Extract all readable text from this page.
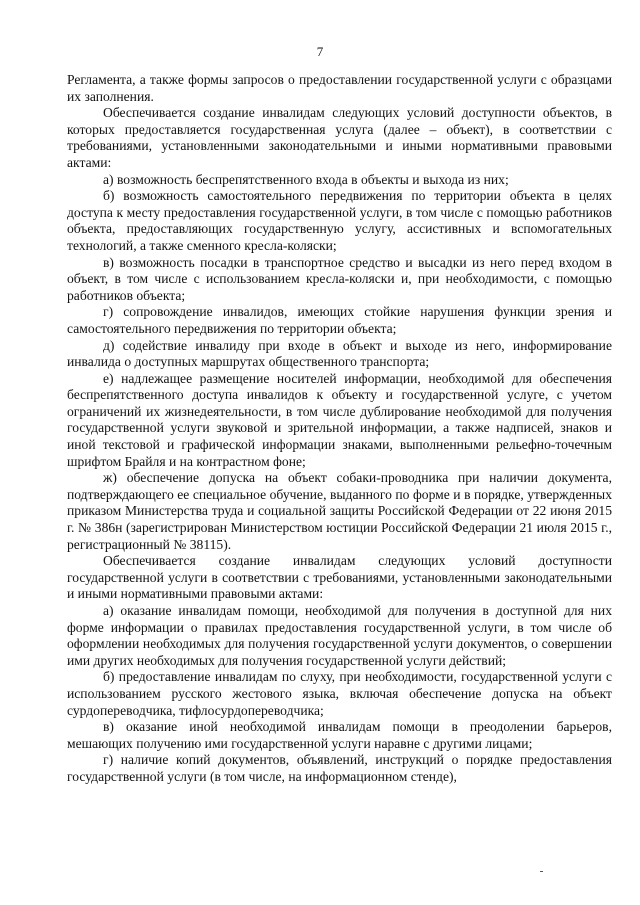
7

Регламента, а также формы запросов о предоставлении государственной услуги с образцами их заполнения.

Обеспечивается создание инвалидам следующих условий доступности объектов, в которых предоставляется государственная услуга (далее – объект), в соответствии с требованиями, установленными законодательными и иными нормативными правовыми актами:

а) возможность беспрепятственного входа в объекты и выхода из них;

б) возможность самостоятельного передвижения по территории объекта в целях доступа к месту предоставления государственной услуги, в том числе с помощью работников объекта, предоставляющих государственную услугу, ассистивных и вспомогательных технологий, а также сменного кресла-коляски;

в) возможность посадки в транспортное средство и высадки из него перед входом в объект, в том числе с использованием кресла-коляски и, при необходимости, с помощью работников объекта;

г) сопровождение инвалидов, имеющих стойкие нарушения функции зрения и самостоятельного передвижения по территории объекта;

д) содействие инвалиду при входе в объект и выходе из него, информирование инвалида о доступных маршрутах общественного транспорта;

е) надлежащее размещение носителей информации, необходимой для обеспечения беспрепятственного доступа инвалидов к объекту и государственной услуге, с учетом ограничений их жизнедеятельности, в том числе дублирование необходимой для получения государственной услуги звуковой и зрительной информации, а также надписей, знаков и иной текстовой и графической информации знаками, выполненными рельефно-точечным шрифтом Брайля и на контрастном фоне;

ж) обеспечение допуска на объект собаки-проводника при наличии документа, подтверждающего ее специальное обучение, выданного по форме и в порядке, утвержденных приказом Министерства труда и социальной защиты Российской Федерации от 22 июня 2015 г. № 386н (зарегистрирован Министерством юстиции Российской Федерации 21 июля 2015 г., регистрационный № 38115).

Обеспечивается создание инвалидам следующих условий доступности государственной услуги в соответствии с требованиями, установленными законодательными и иными нормативными правовыми актами:

а) оказание инвалидам помощи, необходимой для получения в доступной для них форме информации о правилах предоставления государственной услуги, в том числе об оформлении необходимых для получения государственной услуги документов, о совершении ими других необходимых для получения государственной услуги действий;

б) предоставление инвалидам по слуху, при необходимости, государственной услуги с использованием русского жестового языка, включая обеспечение допуска на объект сурдопереводчика, тифлосурдопереводчика;

в) оказание иной необходимой инвалидам помощи в преодолении барьеров, мешающих получению ими государственной услуги наравне с другими лицами;

г) наличие копий документов, объявлений, инструкций о порядке предоставления государственной услуги (в том числе, на информационном стенде),
